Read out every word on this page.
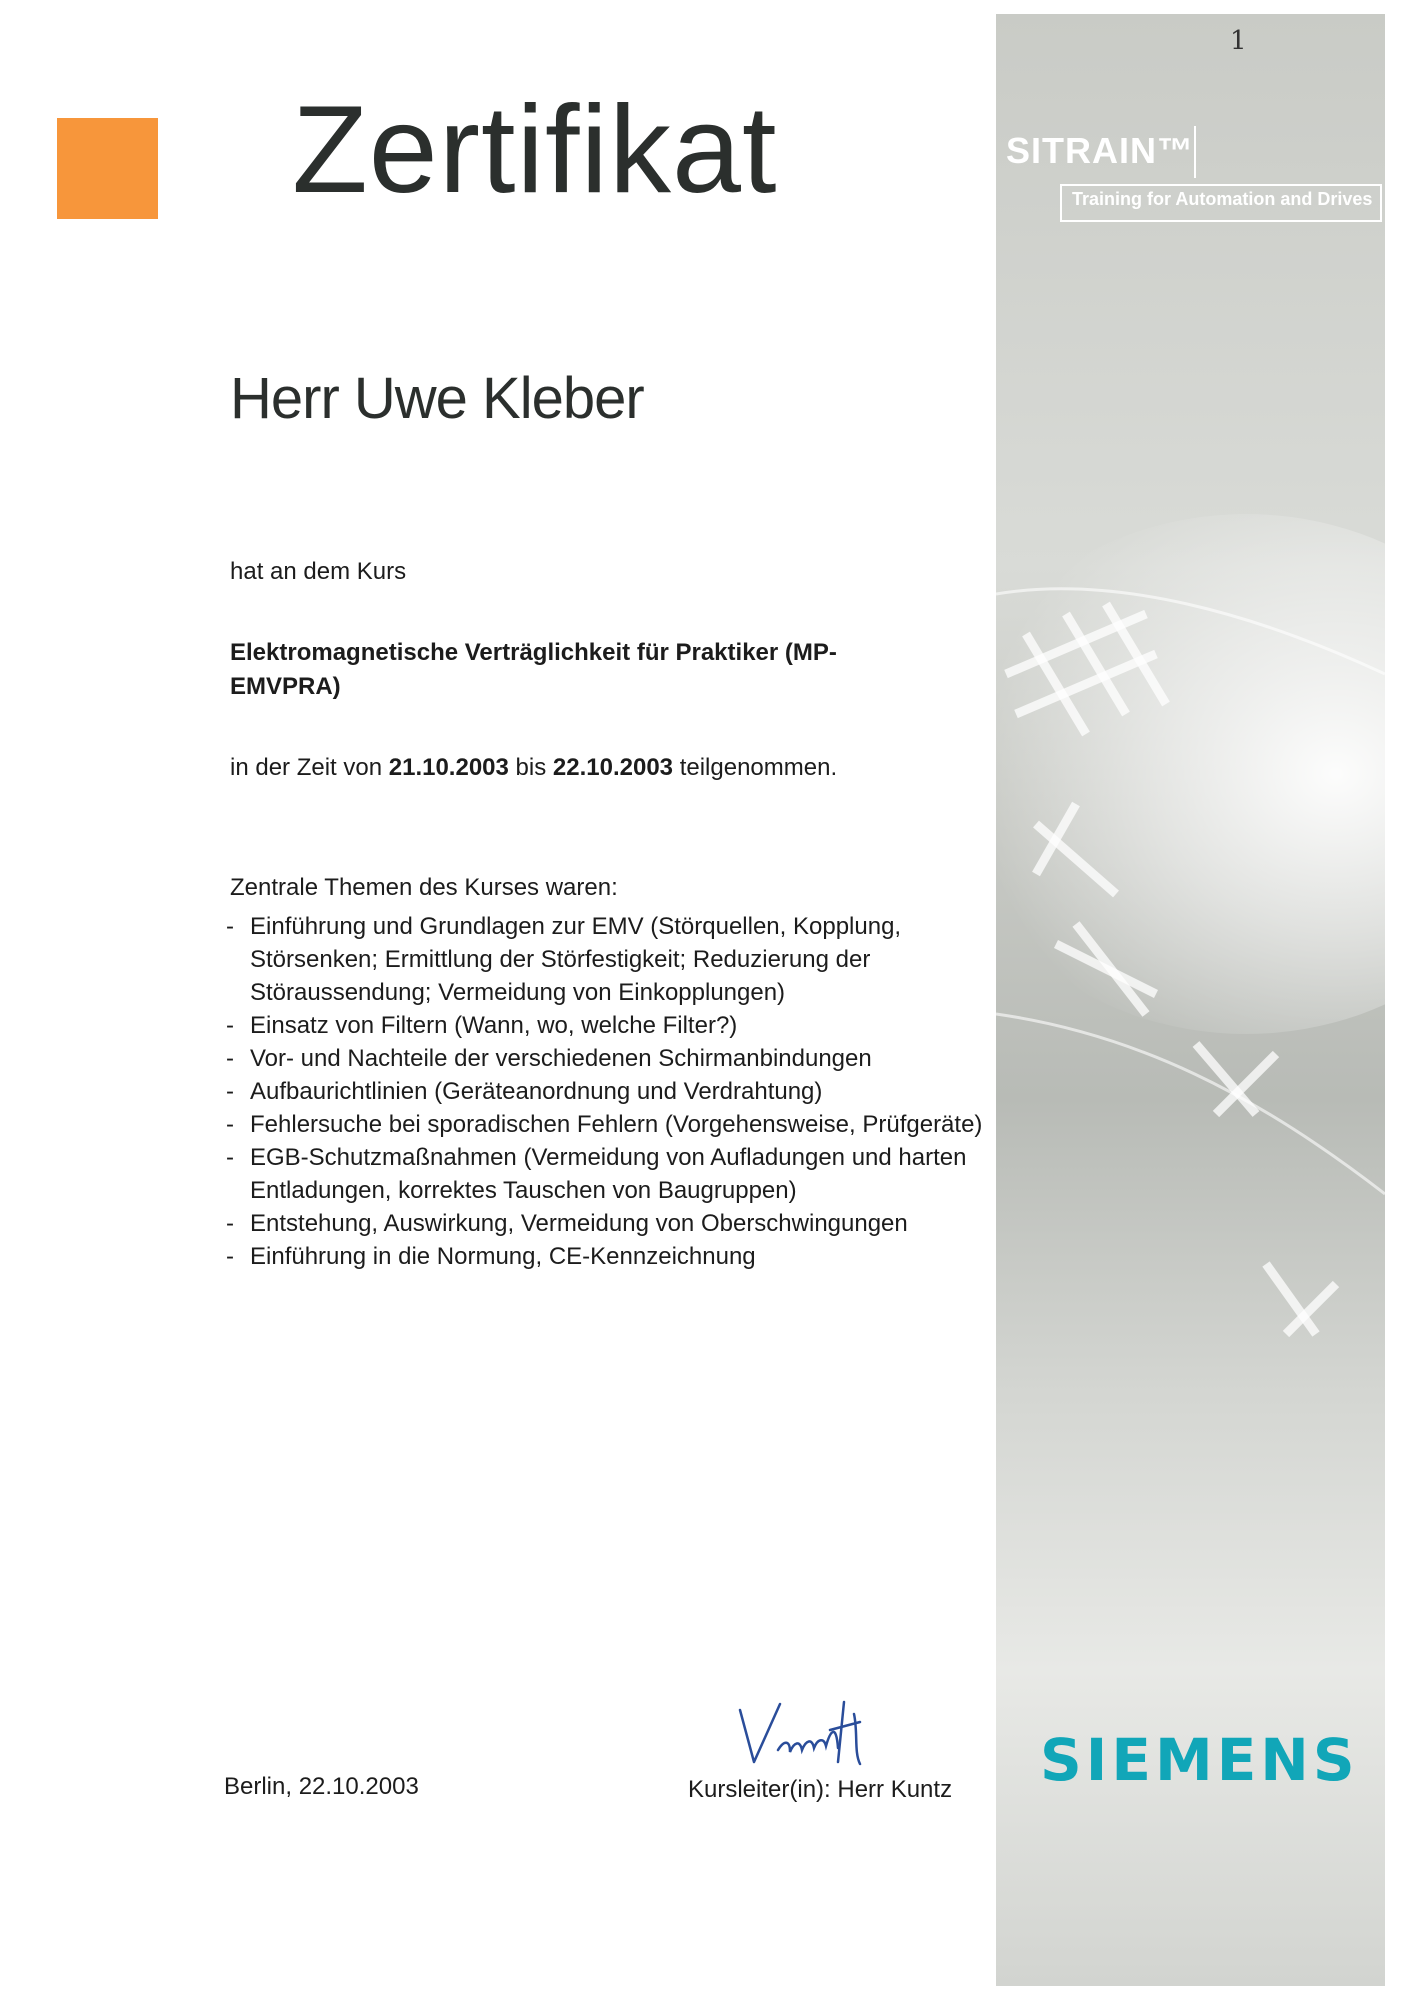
Zertifikat
Herr Uwe Kleber
hat an dem Kurs
Elektromagnetische Verträglichkeit für Praktiker (MP-EMVPRA)
in der Zeit von 21.10.2003 bis 22.10.2003 teilgenommen.
Zentrale Themen des Kurses waren:
- Einführung und Grundlagen zur EMV (Störquellen, Kopplung, Störsenken; Ermittlung der Störfestigkeit; Reduzierung der Störaussendung; Vermeidung von Einkopplungen)
- Einsatz von Filtern (Wann, wo, welche Filter?)
- Vor- und Nachteile der verschiedenen Schirmanbindungen
- Aufbaurichtlinien (Geräteanordnung und Verdrahtung)
- Fehlersuche bei sporadischen Fehlern (Vorgehensweise, Prüfgeräte)
- EGB-Schutzmaßnahmen (Vermeidung von Aufladungen und harten Entladungen, korrektes Tauschen von Baugruppen)
- Entstehung, Auswirkung, Vermeidung von Oberschwingungen
- Einführung in die Normung, CE-Kennzeichnung
Berlin, 22.10.2003	Kursleiter(in): Herr Kuntz
1
SITRAIN™
Training for Automation and Drives
SIEMENS
